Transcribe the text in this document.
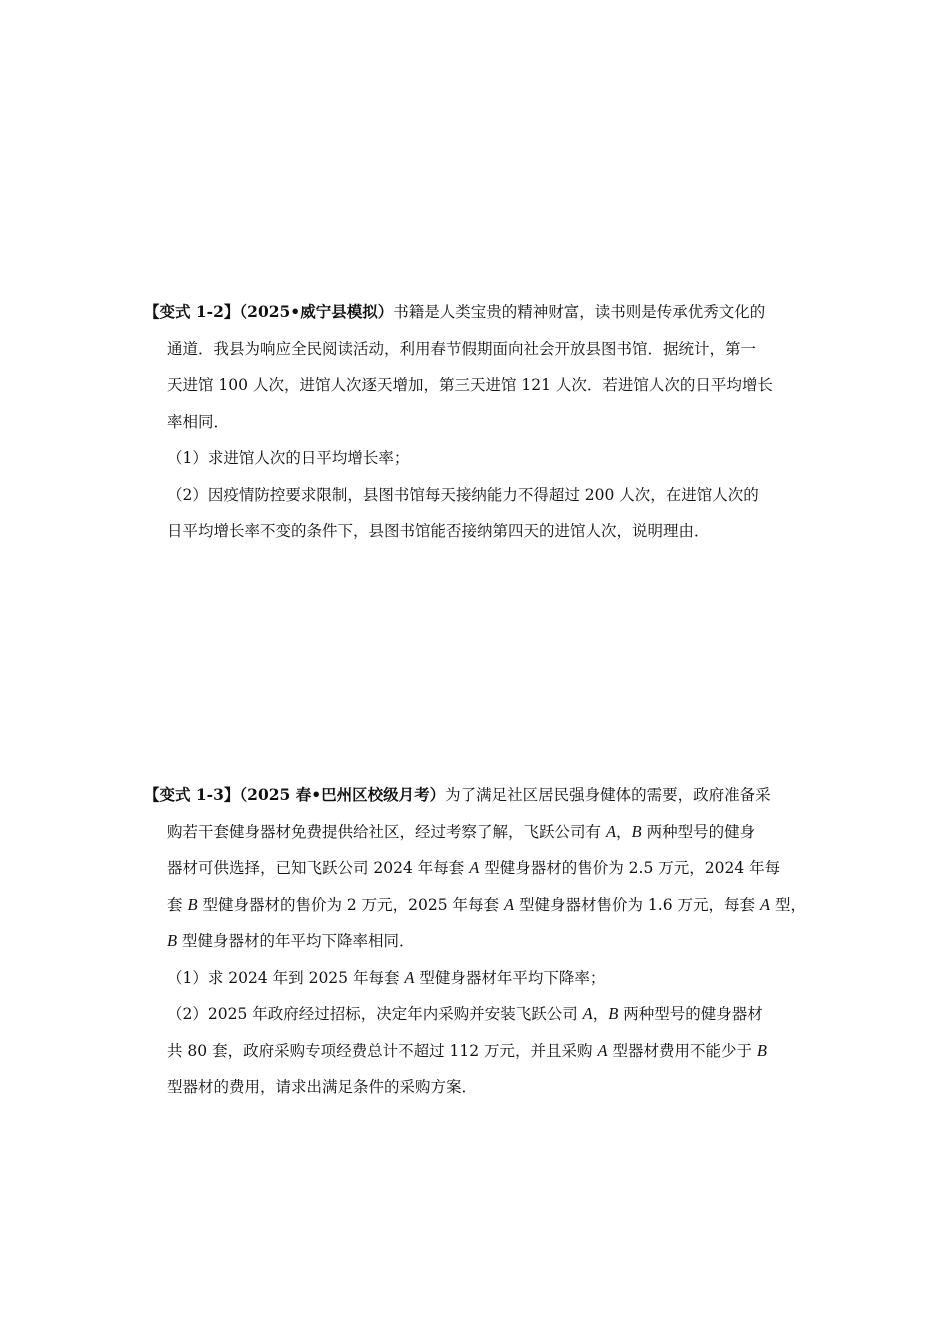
【变式 1-2】（2025•威宁县模拟）书籍是人类宝贵的精神财富，读书则是传承优秀文化的
通道．我县为响应全民阅读活动，利用春节假期面向社会开放县图书馆．据统计，第一
天进馆 100 人次，进馆人次逐天增加，第三天进馆 121 人次．若进馆人次的日平均增长
率相同．
（1）求进馆人次的日平均增长率；
（2）因疫情防控要求限制，县图书馆每天接纳能力不得超过 200 人次，在进馆人次的
日平均增长率不变的条件下，县图书馆能否接纳第四天的进馆人次，说明理由．
【变式 1-3】（2025 春•巴州区校级月考）为了满足社区居民强身健体的需要，政府准备采
购若干套健身器材免费提供给社区，经过考察了解，飞跃公司有 A，B 两种型号的健身
器材可供选择，已知飞跃公司 2024 年每套 A 型健身器材的售价为 2.5 万元，2024 年每
套 B 型健身器材的售价为 2 万元，2025 年每套 A 型健身器材售价为 1.6 万元，每套 A 型，
B 型健身器材的年平均下降率相同．
（1）求 2024 年到 2025 年每套 A 型健身器材年平均下降率；
（2）2025 年政府经过招标，决定年内采购并安装飞跃公司 A，B 两种型号的健身器材
共 80 套，政府采购专项经费总计不超过 112 万元，并且采购 A 型器材费用不能少于 B
型器材的费用，请求出满足条件的采购方案．
